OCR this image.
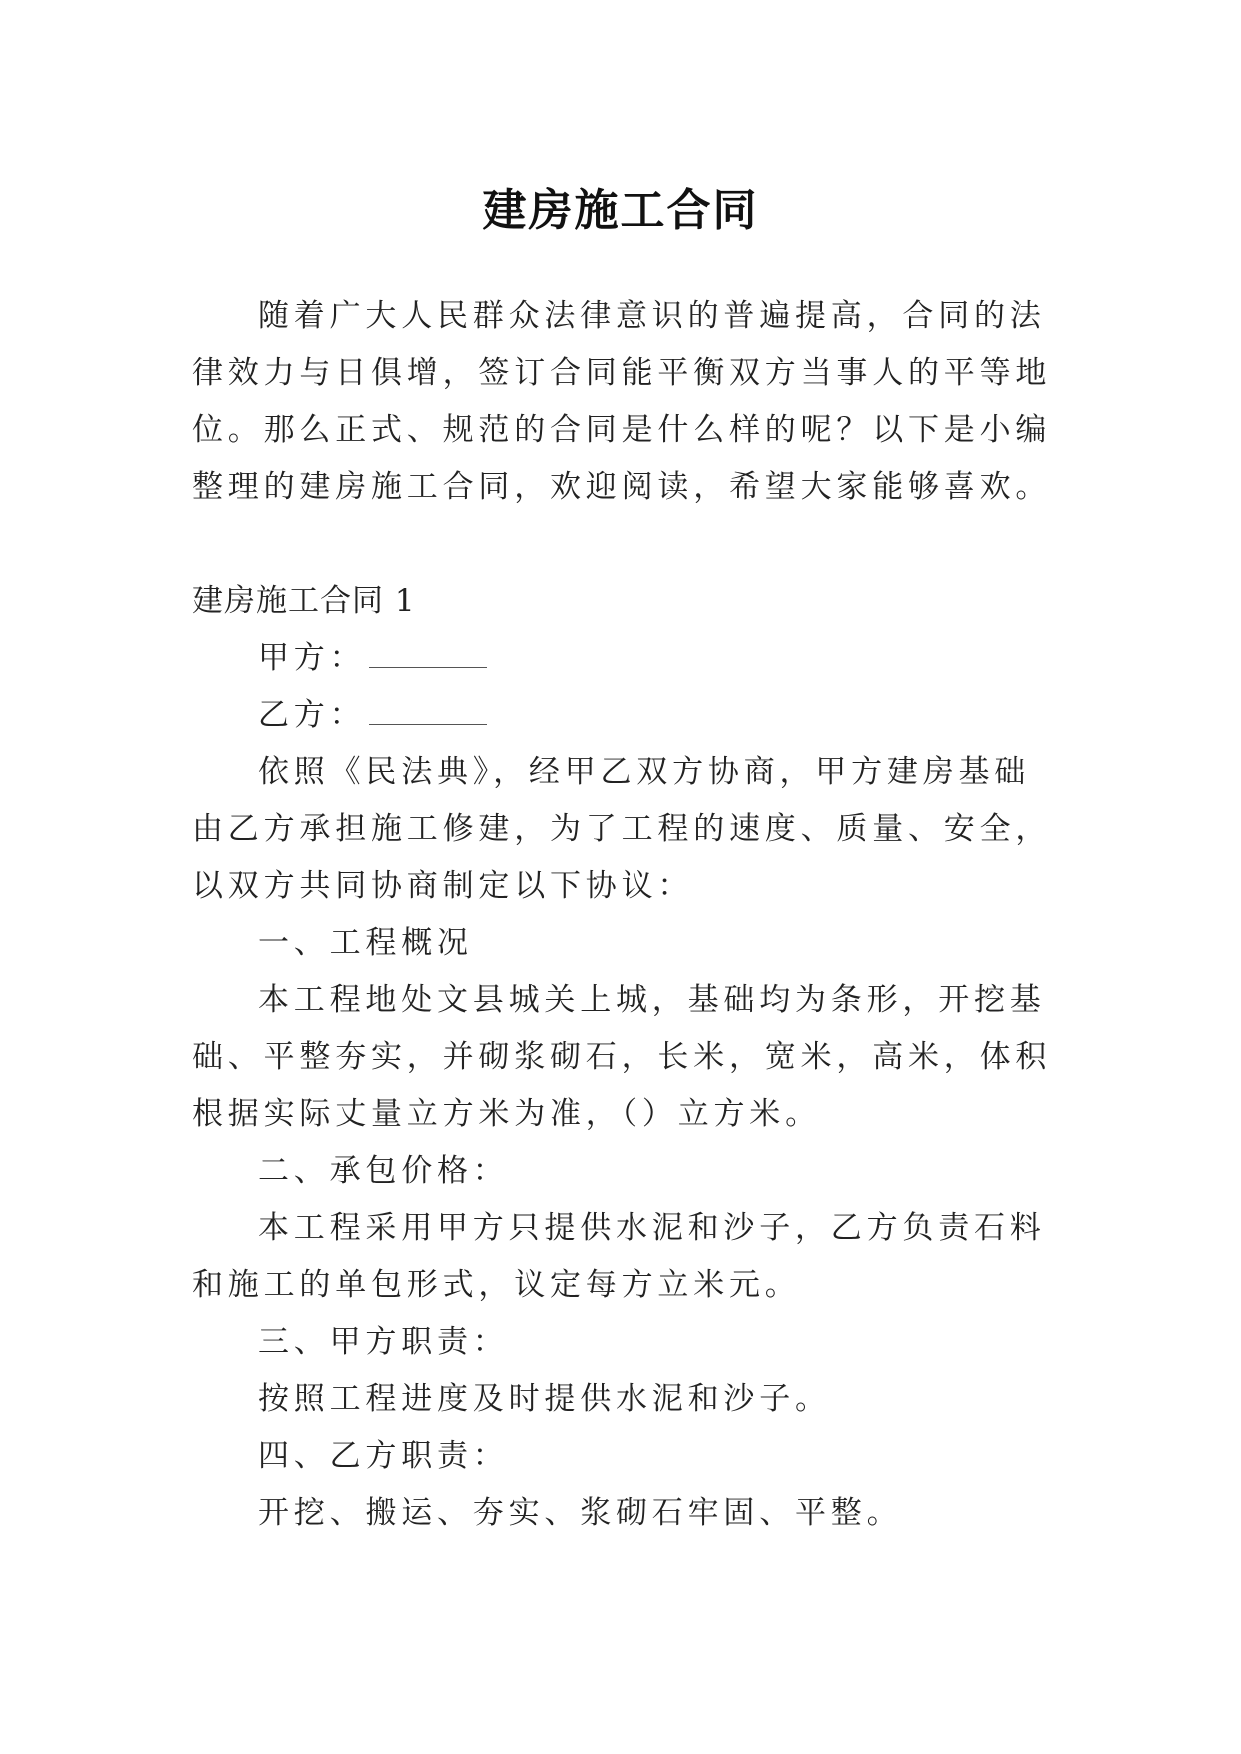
建房施工合同

随着广大人民群众法律意识的普遍提高，合同的法律效力与日俱增，签订合同能平衡双方当事人的平等地位。那么正式、规范的合同是什么样的呢？以下是小编整理的建房施工合同，欢迎阅读，希望大家能够喜欢。

建房施工合同 1

甲方：

乙方：

依照《民法典》，经甲乙双方协商，甲方建房基础由乙方承担施工修建，为了工程的速度、质量、安全，以双方共同协商制定以下协议：

一、工程概况

本工程地处文县城关上城，基础均为条形，开挖基础、平整夯实，并砌浆砌石，长米，宽米，高米，体积根据实际丈量立方米为准，（）立方米。

二、承包价格：

本工程采用甲方只提供水泥和沙子，乙方负责石料和施工的单包形式，议定每方立米元。

三、甲方职责：

按照工程进度及时提供水泥和沙子。

四、乙方职责：

开挖、搬运、夯实、浆砌石牢固、平整。
